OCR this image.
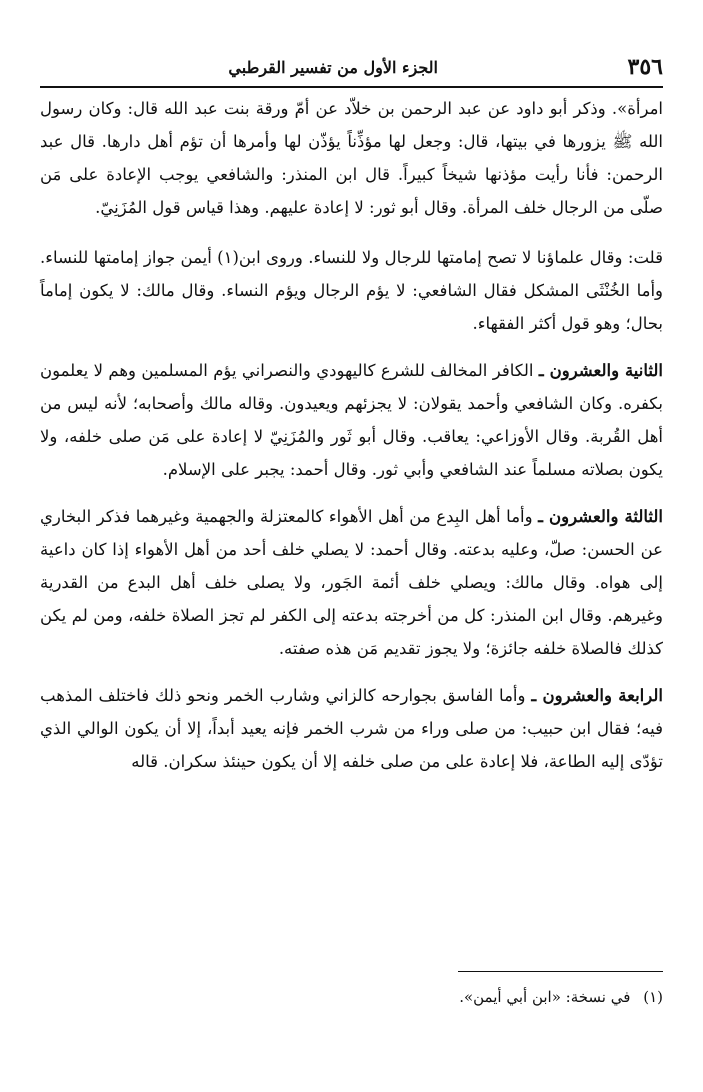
٣٥٦
الجزء الأول من تفسير القرطبي

امرأة». وذكر أبو داود عن عبد الرحمن بن خلاّد عن أمّ ورقة بنت عبد الله قال: وكان رسول الله ﷺ يزورها في بيتها، قال: وجعل لها مؤذِّناً يؤذّن لها وأمرها أن تؤم أهل دارها. قال عبد الرحمن: فأنا رأيت مؤذنها شيخاً كبيراً. قال ابن المنذر: والشافعي يوجب الإعادة على مَن صلّى من الرجال خلف المرأة. وقال أبو ثور: لا إعادة عليهم. وهذا قياس قول المُزَنِيّ.

قلت: وقال علماؤنا لا تصح إمامتها للرجال ولا للنساء. وروى ابن(١) أيمن جواز إمامتها للنساء. وأما الخُنْثَى المشكل فقال الشافعي: لا يؤم الرجال ويؤم النساء. وقال مالك: لا يكون إماماً بحال؛ وهو قول أكثر الفقهاء.

الثانية والعشرون ـ الكافر المخالف للشرع كاليهودي والنصراني يؤم المسلمين وهم لا يعلمون بكفره. وكان الشافعي وأحمد يقولان: لا يجزئهم ويعيدون. وقاله مالك وأصحابه؛ لأنه ليس من أهل القُربة. وقال الأوزاعي: يعاقب. وقال أبو ثَور والمُزَنِيّ لا إعادة على مَن صلى خلفه، ولا يكون بصلاته مسلماً عند الشافعي وأبي ثور. وقال أحمد: يجبر على الإسلام.

الثالثة والعشرون ـ وأما أهل البِدع من أهل الأهواء كالمعتزلة والجهمية وغيرهما فذكر البخاري عن الحسن: صلّ، وعليه بدعته. وقال أحمد: لا يصلي خلف أحد من أهل الأهواء إذا كان داعية إلى هواه. وقال مالك: ويصلي خلف أئمة الجَور، ولا يصلى خلف أهل البدع من القدرية وغيرهم. وقال ابن المنذر: كل من أخرجته بدعته إلى الكفر لم تجز الصلاة خلفه، ومن لم يكن كذلك فالصلاة خلفه جائزة؛ ولا يجوز تقديم مَن هذه صفته.

الرابعة والعشرون ـ وأما الفاسق بجوارحه كالزاني وشارب الخمر ونحو ذلك فاختلف المذهب فيه؛ فقال ابن حبيب: من صلى وراء من شرب الخمر فإنه يعيد أبداً، إلا أن يكون الوالي الذي تؤدّى إليه الطاعة، فلا إعادة على من صلى خلفه إلا أن يكون حينئذ سكران. قاله

(١) في نسخة: «ابن أبي أيمن».
